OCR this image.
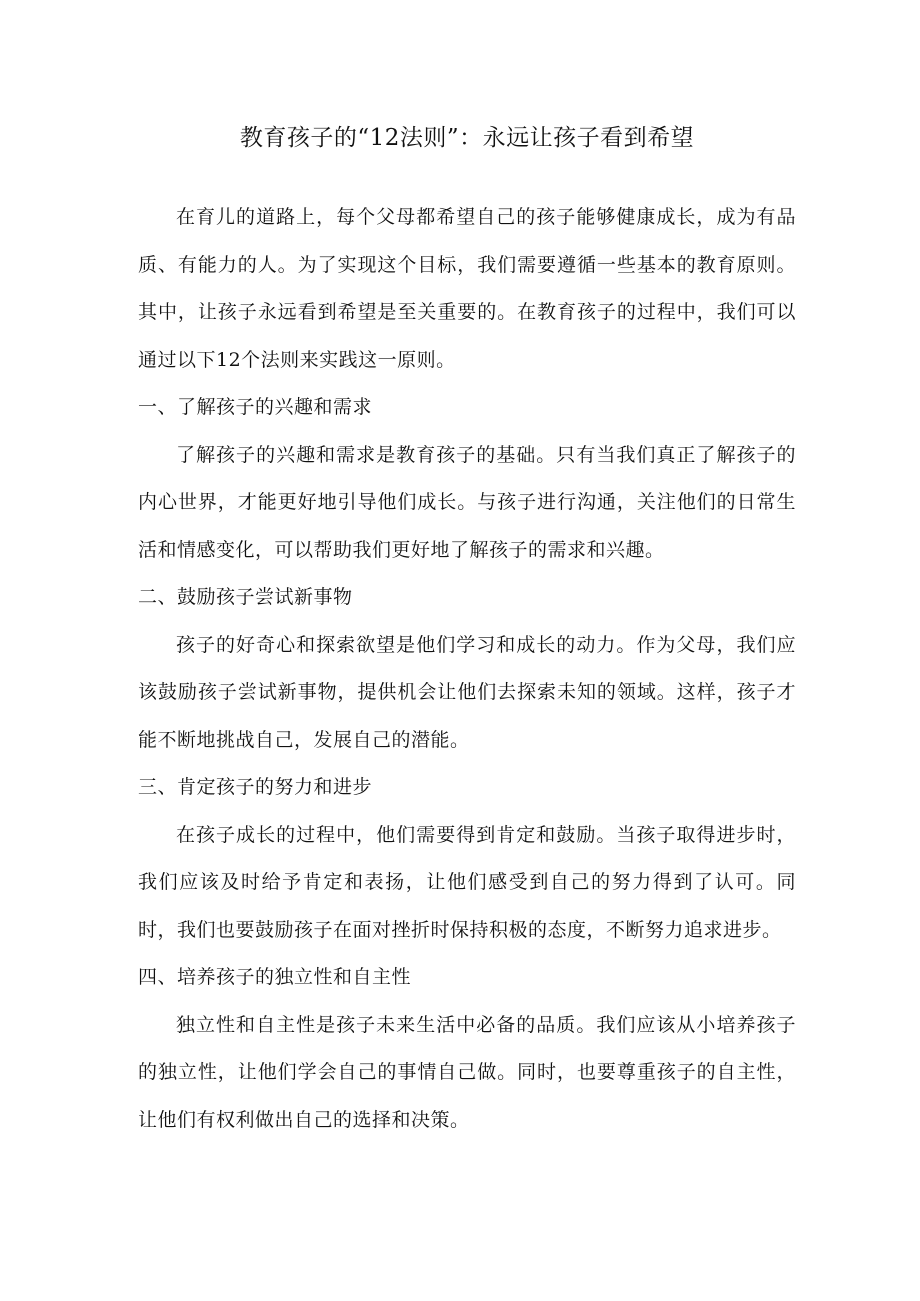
教育孩子的“12法则”：永远让孩子看到希望

在育儿的道路上，每个父母都希望自己的孩子能够健康成长，成为有品质、有能力的人。为了实现这个目标，我们需要遵循一些基本的教育原则。其中，让孩子永远看到希望是至关重要的。在教育孩子的过程中，我们可以通过以下12个法则来实践这一原则。

一、了解孩子的兴趣和需求

了解孩子的兴趣和需求是教育孩子的基础。只有当我们真正了解孩子的内心世界，才能更好地引导他们成长。与孩子进行沟通，关注他们的日常生活和情感变化，可以帮助我们更好地了解孩子的需求和兴趣。

二、鼓励孩子尝试新事物

孩子的好奇心和探索欲望是他们学习和成长的动力。作为父母，我们应该鼓励孩子尝试新事物，提供机会让他们去探索未知的领域。这样，孩子才能不断地挑战自己，发展自己的潜能。

三、肯定孩子的努力和进步

在孩子成长的过程中，他们需要得到肯定和鼓励。当孩子取得进步时，我们应该及时给予肯定和表扬，让他们感受到自己的努力得到了认可。同时，我们也要鼓励孩子在面对挫折时保持积极的态度，不断努力追求进步。

四、培养孩子的独立性和自主性

独立性和自主性是孩子未来生活中必备的品质。我们应该从小培养孩子的独立性，让他们学会自己的事情自己做。同时，也要尊重孩子的自主性，让他们有权利做出自己的选择和决策。
